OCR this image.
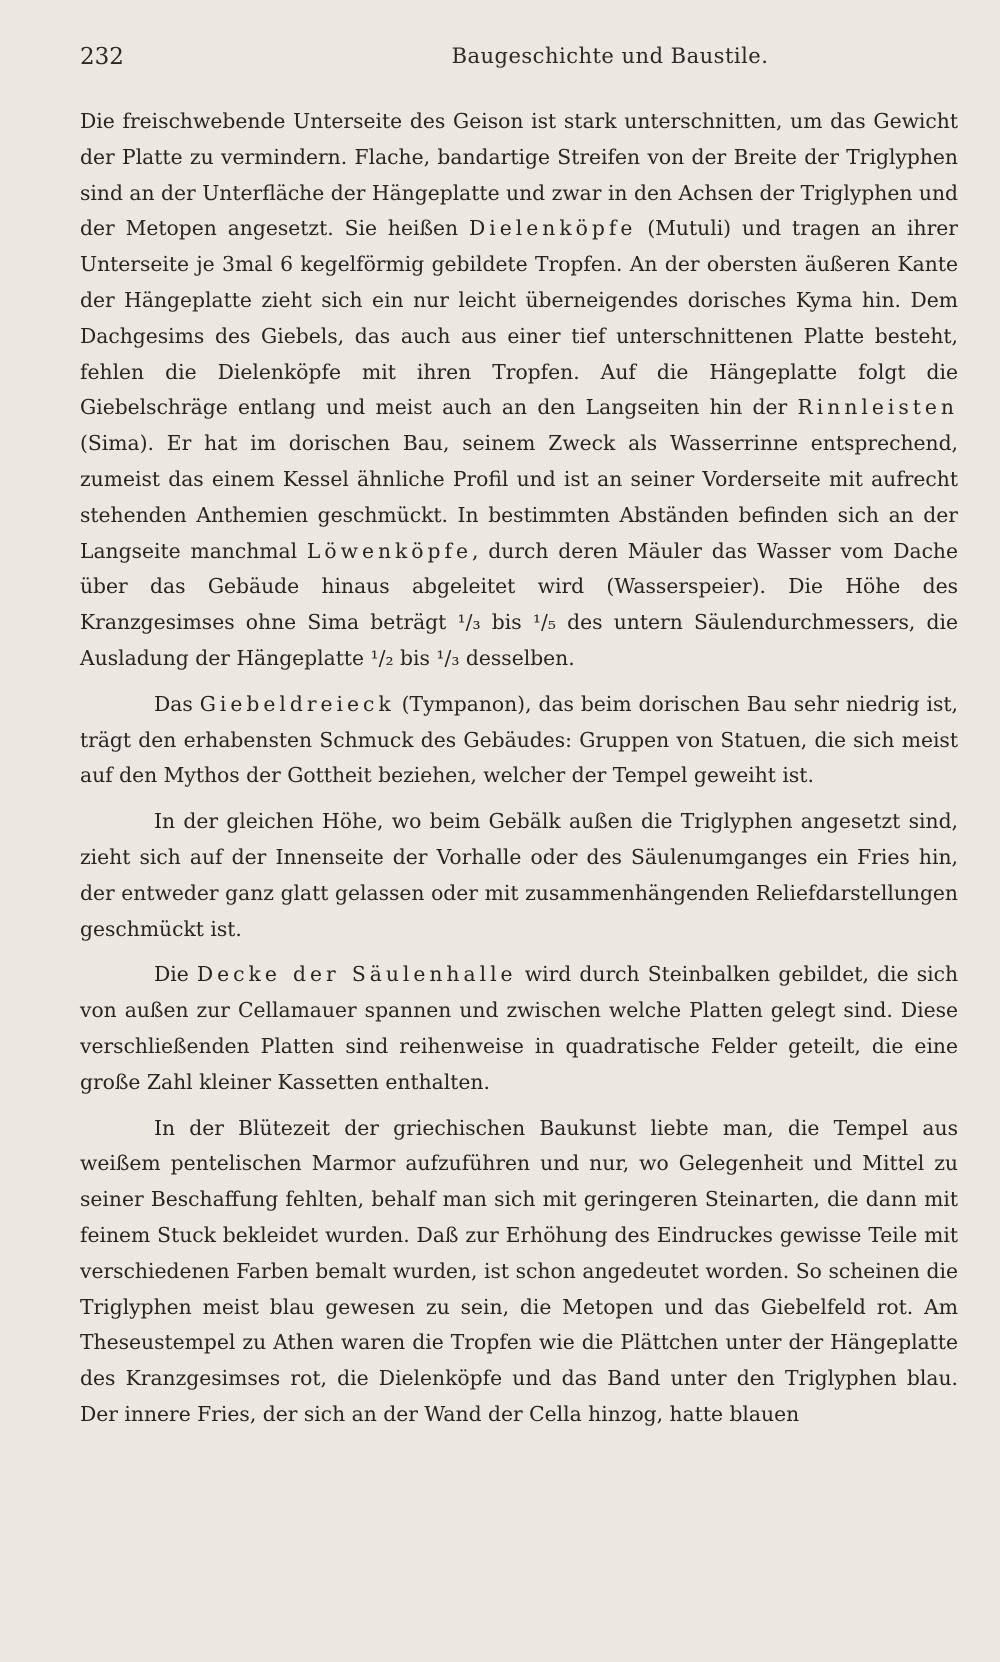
232	Baugeschichte und Baustile.

Die freischwebende Unterseite des Geison ist stark unterschnitten, um das Gewicht der Platte zu vermindern. Flache, bandartige Streifen von der Breite der Triglyphen sind an der Unterfläche der Hängeplatte und zwar in den Achsen der Triglyphen und der Metopen angesetzt. Sie heißen Dielenköpfe (Mutuli) und tragen an ihrer Unterseite je 3mal 6 kegelförmig gebildete Tropfen. An der obersten äußeren Kante der Hängeplatte zieht sich ein nur leicht überneigendes dorisches Kyma hin. Dem Dachgesims des Giebels, das auch aus einer tief unterschnittenen Platte besteht, fehlen die Dielenköpfe mit ihren Tropfen. Auf die Hängeplatte folgt die Giebelschräge entlang und meist auch an den Langseiten hin der Rinnleisten (Sima). Er hat im dorischen Bau, seinem Zweck als Wasserrinne entsprechend, zumeist das einem Kessel ähnliche Profil und ist an seiner Vorderseite mit aufrecht stehenden Anthemien geschmückt. In bestimmten Abständen befinden sich an der Langseite manchmal Löwenköpfe, durch deren Mäuler das Wasser vom Dache über das Gebäude hinaus abgeleitet wird (Wasserspeier). Die Höhe des Kranzgesimses ohne Sima beträgt ¹/₃ bis ¹/₅ des untern Säulendurchmessers, die Ausladung der Hängeplatte ¹/₂ bis ¹/₃ desselben.

Das Giebeldreieck (Tympanon), das beim dorischen Bau sehr niedrig ist, trägt den erhabensten Schmuck des Gebäudes: Gruppen von Statuen, die sich meist auf den Mythos der Gottheit beziehen, welcher der Tempel geweiht ist.

In der gleichen Höhe, wo beim Gebälk außen die Triglyphen angesetzt sind, zieht sich auf der Innenseite der Vorhalle oder des Säulenumganges ein Fries hin, der entweder ganz glatt gelassen oder mit zusammenhängenden Reliefdarstellungen geschmückt ist.

Die Decke der Säulenhalle wird durch Steinbalken gebildet, die sich von außen zur Cellamauer spannen und zwischen welche Platten gelegt sind. Diese verschließenden Platten sind reihenweise in quadratische Felder geteilt, die eine große Zahl kleiner Kassetten enthalten.

In der Blütezeit der griechischen Baukunst liebte man, die Tempel aus weißem pentelischen Marmor aufzuführen und nur, wo Gelegenheit und Mittel zu seiner Beschaffung fehlten, behalf man sich mit geringeren Steinarten, die dann mit feinem Stuck bekleidet wurden. Daß zur Erhöhung des Eindruckes gewisse Teile mit verschiedenen Farben bemalt wurden, ist schon angedeutet worden. So scheinen die Triglyphen meist blau gewesen zu sein, die Metopen und das Giebelfeld rot. Am Theseustempel zu Athen waren die Tropfen wie die Plättchen unter der Hängeplatte des Kranzgesimses rot, die Dielenköpfe und das Band unter den Triglyphen blau. Der innere Fries, der sich an der Wand der Cella hinzog, hatte blauen
